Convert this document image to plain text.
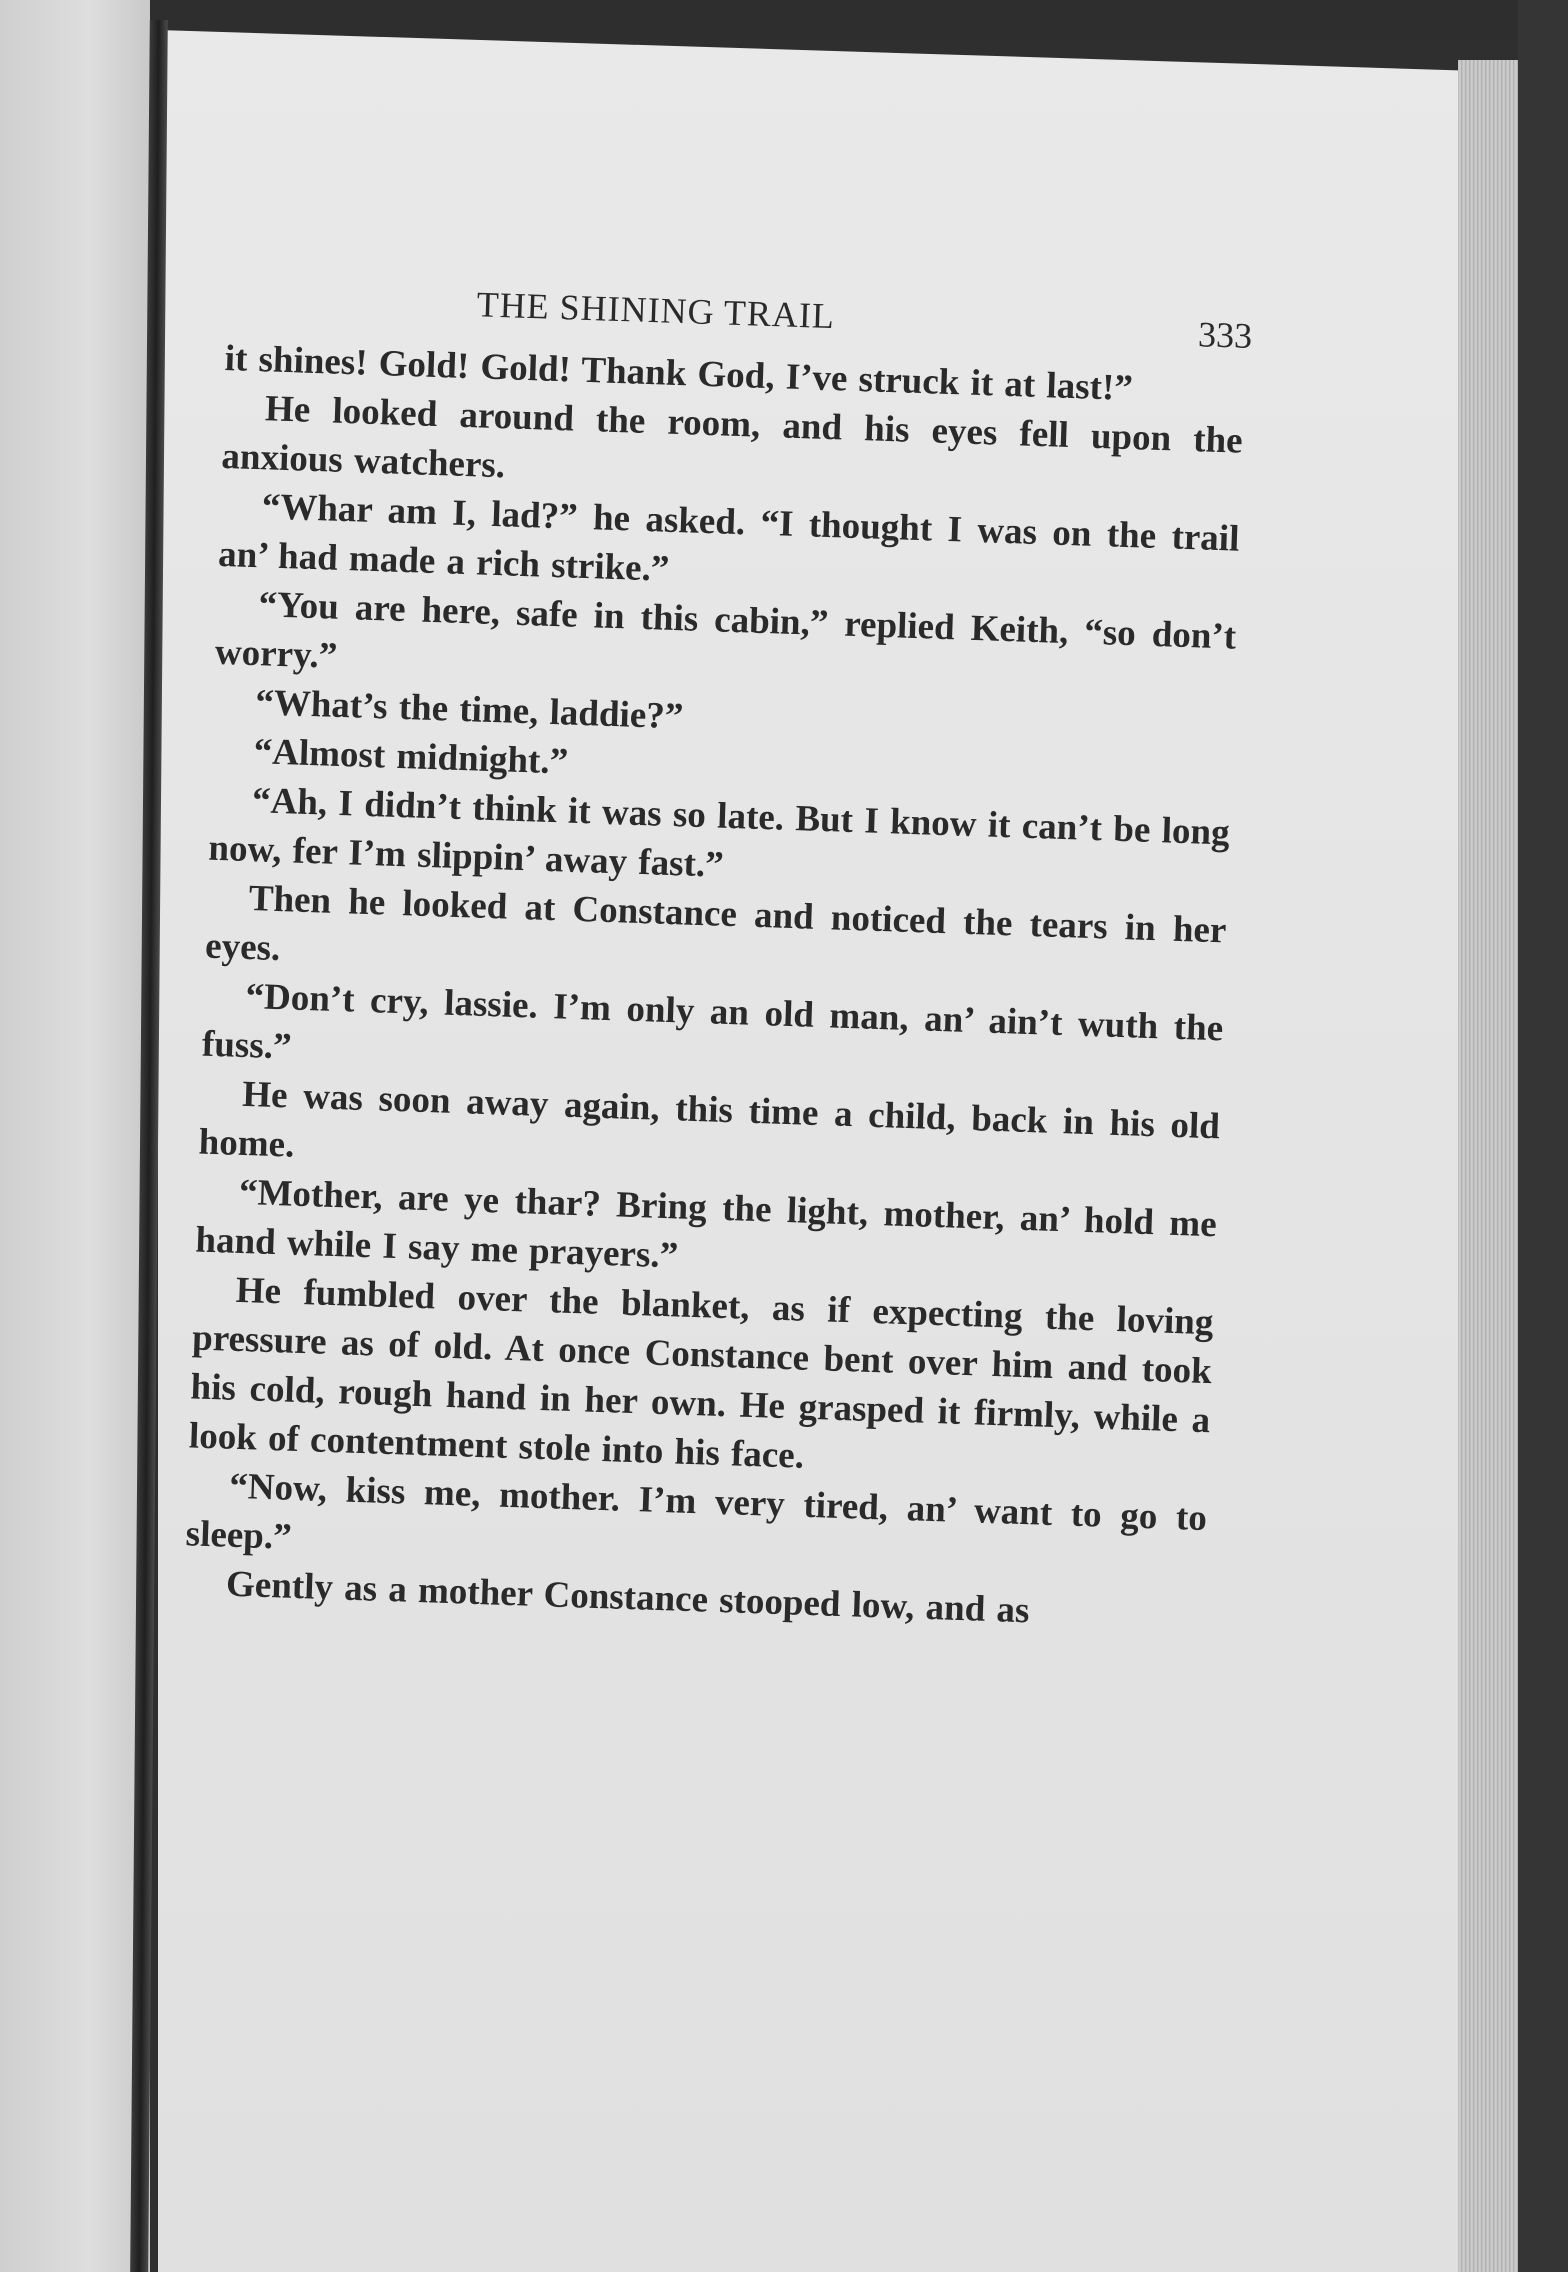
THE SHINING TRAIL	333

it shines! Gold! Gold! Thank God, I’ve struck it at last!”

He looked around the room, and his eyes fell upon the anxious watchers.

“Whar am I, lad?” he asked. “I thought I was on the trail an’ had made a rich strike.”

“You are here, safe in this cabin,” replied Keith, “so don’t worry.”

“What’s the time, laddie?”

“Almost midnight.”

“Ah, I didn’t think it was so late. But I know it can’t be long now, fer I’m slippin’ away fast.”

Then he looked at Constance and noticed the tears in her eyes.

“Don’t cry, lassie. I’m only an old man, an’ ain’t wuth the fuss.”

He was soon away again, this time a child, back in his old home.

“Mother, are ye thar? Bring the light, mother, an’ hold me hand while I say me prayers.”

He fumbled over the blanket, as if expecting the loving pressure as of old. At once Constance bent over him and took his cold, rough hand in her own. He grasped it firmly, while a look of contentment stole into his face.

“Now, kiss me, mother. I’m very tired, an’ want to go to sleep.”

Gently as a mother Constance stooped low, and as
